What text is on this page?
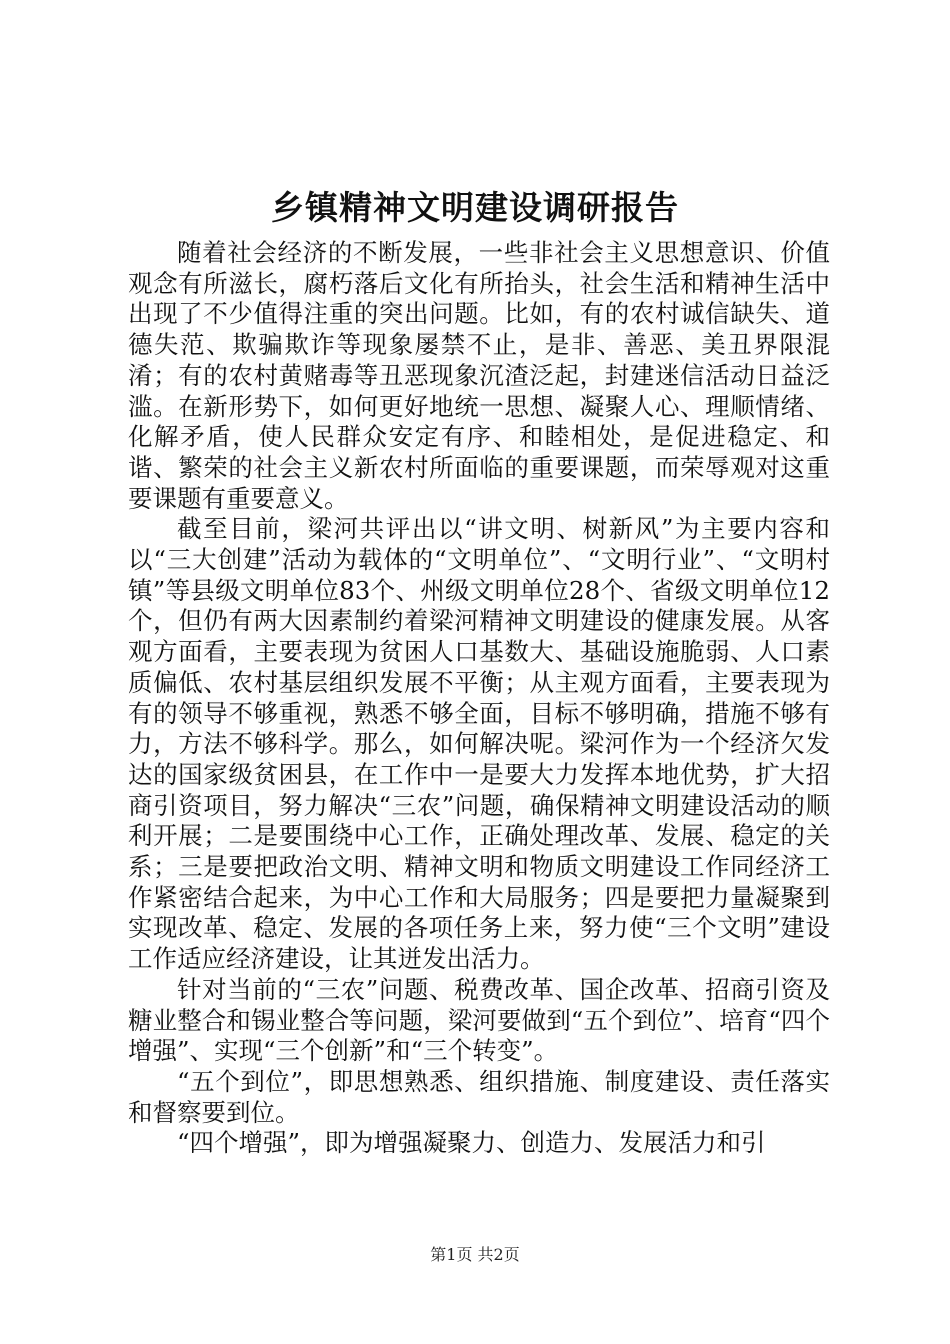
乡镇精神文明建设调研报告

随着社会经济的不断发展，一些非社会主义思想意识、价值观念有所滋长，腐朽落后文化有所抬头，社会生活和精神生活中出现了不少值得注重的突出问题。比如，有的农村诚信缺失、道德失范、欺骗欺诈等现象屡禁不止，是非、善恶、美丑界限混淆；有的农村黄赌毒等丑恶现象沉渣泛起，封建迷信活动日益泛滥。在新形势下，如何更好地统一思想、凝聚人心、理顺情绪、化解矛盾，使人民群众安定有序、和睦相处，是促进稳定、和谐、繁荣的社会主义新农村所面临的重要课题，而荣辱观对这重要课题有重要意义。

截至目前，梁河共评出以“讲文明、树新风”为主要内容和以“三大创建”活动为载体的“文明单位”、“文明行业”、“文明村镇”等县级文明单位83个、州级文明单位28个、省级文明单位12个，但仍有两大因素制约着梁河精神文明建设的健康发展。从客观方面看，主要表现为贫困人口基数大、基础设施脆弱、人口素质偏低、农村基层组织发展不平衡；从主观方面看，主要表现为有的领导不够重视，熟悉不够全面，目标不够明确，措施不够有力，方法不够科学。那么，如何解决呢。梁河作为一个经济欠发达的国家级贫困县，在工作中一是要大力发挥本地优势，扩大招商引资项目，努力解决“三农”问题，确保精神文明建设活动的顺利开展；二是要围绕中心工作，正确处理改革、发展、稳定的关系；三是要把政治文明、精神文明和物质文明建设工作同经济工作紧密结合起来，为中心工作和大局服务；四是要把力量凝聚到实现改革、稳定、发展的各项任务上来，努力使“三个文明”建设工作适应经济建设，让其迸发出活力。

针对当前的“三农”问题、税费改革、国企改革、招商引资及糖业整合和锡业整合等问题，梁河要做到“五个到位”、培育“四个增强”、实现“三个创新”和“三个转变”。

“五个到位”，即思想熟悉、组织措施、制度建设、责任落实和督察要到位。

“四个增强”，即为增强凝聚力、创造力、发展活力和引

第1页 共2页
